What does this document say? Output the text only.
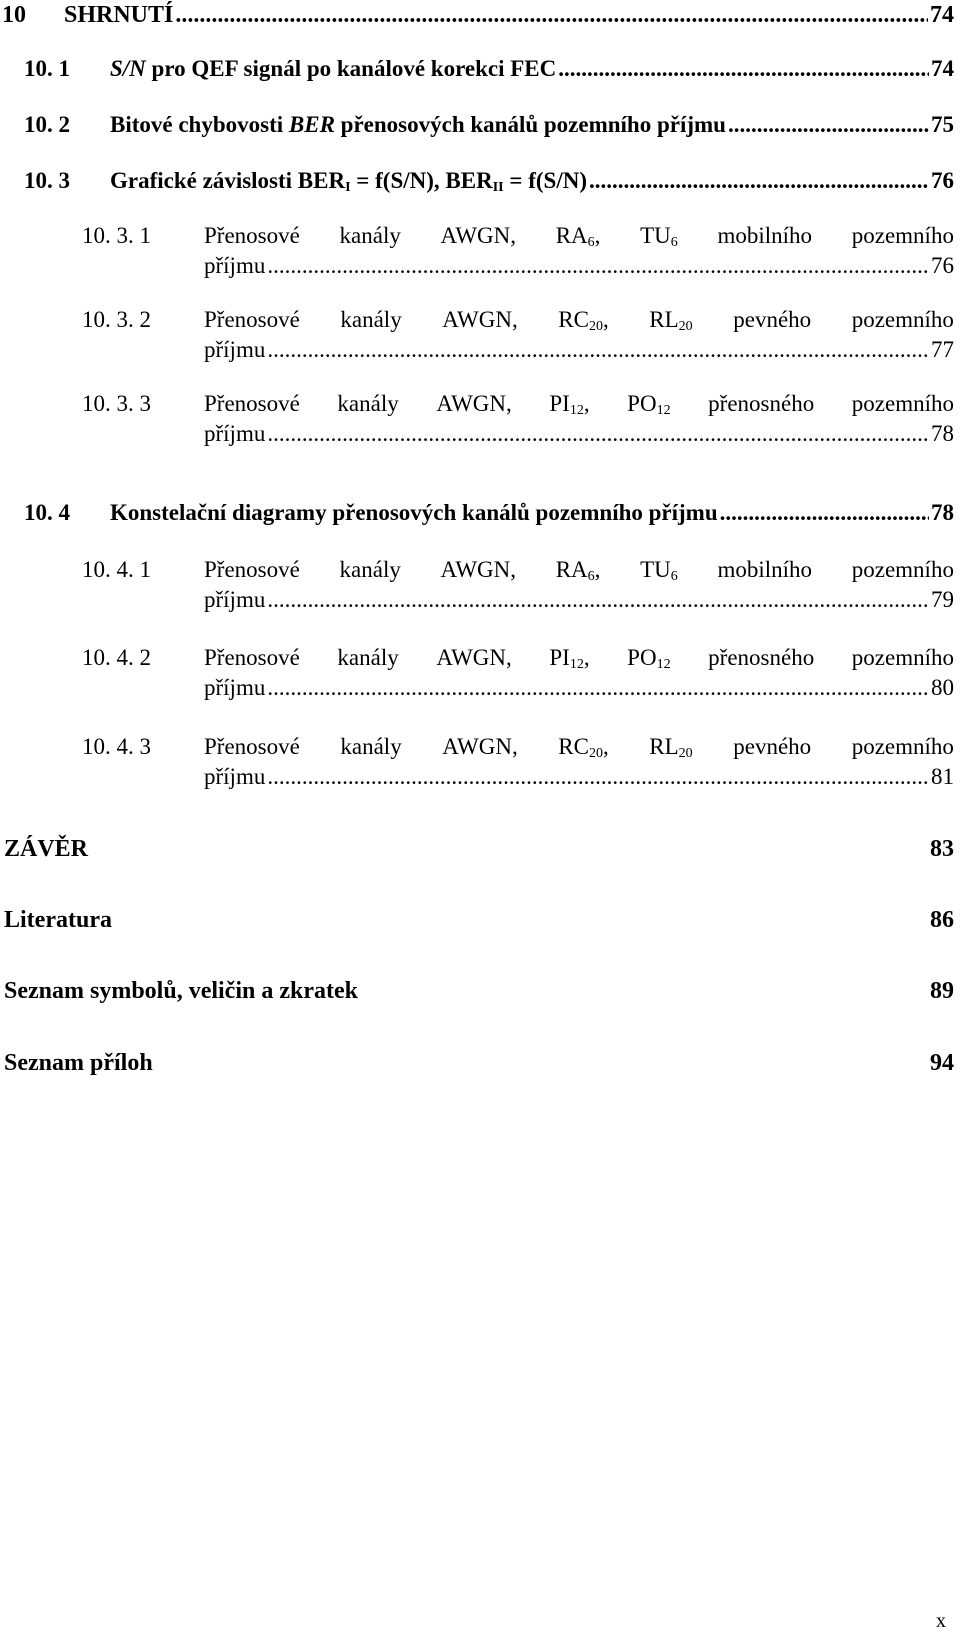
10	SHRNUTÍ .....	74
10. 1	S/N pro QEF signál po kanálové korekci FEC .....	74
10. 2	Bitové chybovosti BER přenosových kanálů pozemního příjmu .....	75
10. 3	Grafické závislosti $BER_I = f(S/N)$, $BER_{II} = f(S/N)$ .....	76
10. 3. 1	Přenosové kanály AWGN, $RA_6$, $TU_6$ mobilního pozemního
příjmu .....	76
10. 3. 2	Přenosové kanály AWGN, $RC_{20}$, $RL_{20}$ pevného pozemního
příjmu .....	77
10. 3. 3	Přenosové kanály AWGN, $PI_{12}$, $PO_{12}$ přenosného pozemního
příjmu .....	78
10. 4	Konstelační diagramy přenosových kanálů pozemního příjmu .....	78
10. 4. 1	Přenosové kanály AWGN, $RA_6$, $TU_6$ mobilního pozemního
příjmu .....	79
10. 4. 2	Přenosové kanály AWGN, $PI_{12}$, $PO_{12}$ přenosného pozemního
příjmu .....	80
10. 4. 3	Přenosové kanály AWGN, $RC_{20}$, $RL_{20}$ pevného pozemního
příjmu .....	81
ZÁVĚR	83
Literatura	86
Seznam symbolů, veličin a zkratek	89
Seznam příloh	94
x
